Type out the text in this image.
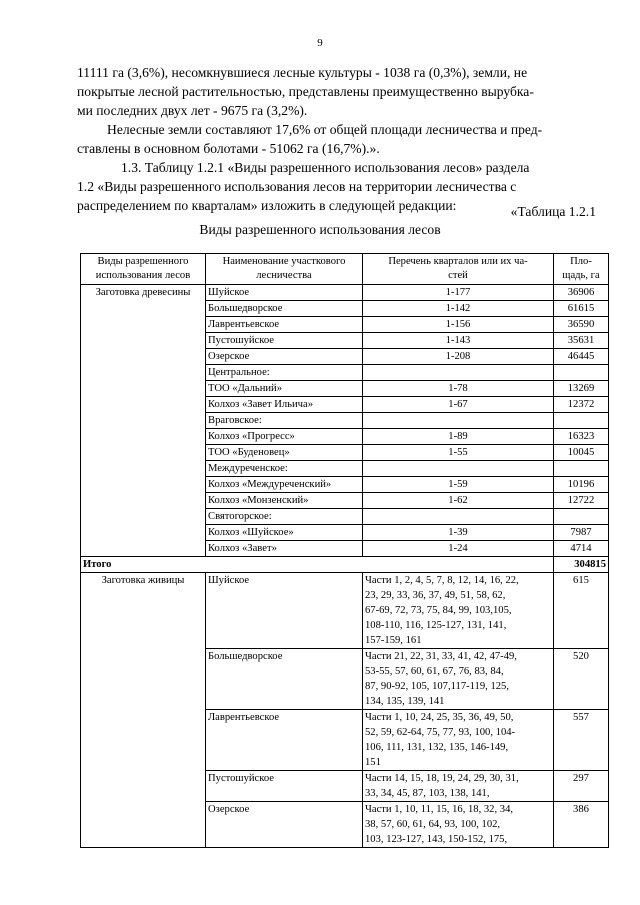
9

11111 га (3,6%), несомкнувшиеся лесные культуры - 1038 га (0,3%), земли, не
покрытые лесной растительностью, представлены преимущественно вырубка-
ми последних двух лет - 9675 га (3,2%).

Нелесные земли составляют 17,6% от общей площади лесничества и пред-
ставлены в основном болотами - 51062 га (16,7%).».

1.3. Таблицу 1.2.1 «Виды разрешенного использования лесов» раздела
1.2 «Виды разрешенного использования лесов на территории лесничества с
распределением по кварталам» изложить в следующей редакции:	«Таблица 1.2.1
Виды разрешенного использования лесов
Виды разрешенного
использования лесов	Наименование участкового
лесничества	Перечень кварталов или их ча-
стей	Пло-
щадь, га

Заготовка древесины	Шуйское	1-177	36906
	Большедворское	1-142	61615
	Лаврентьевское	1-156	36590
	Пустошуйское	1-143	35631
	Озерское	1-208	46445
	Центральное:		
	ТОО «Дальний»	1-78	13269
	Колхоз «Завет Ильича»	1-67	12372
	Враговское:		
	Колхоз «Прогресс»	1-89	16323
	ТОО «Буденовец»	1-55	10045
	Междуреченское:		
	Колхоз «Междуреченский»	1-59	10196
	Колхоз «Монзенский»	1-62	12722
	Святогорское:		
	Колхоз «Шуйское»	1-39	7987
	Колхоз «Завет»	1-24	4714
Итого			304815
Заготовка живицы	Шуйское	Части 1, 2, 4, 5, 7, 8, 12, 14, 16, 22,
23, 29, 33, 36, 37, 49, 51, 58, 62,
67-69, 72, 73, 75, 84, 99, 103,105,
108-110, 116, 125-127, 131, 141,
157-159, 161	615
	Большедворское	Части 21, 22, 31, 33, 41, 42, 47-49,
53-55, 57, 60, 61, 67, 76, 83, 84,
87, 90-92, 105, 107,117-119, 125,
134, 135, 139, 141	520
	Лаврентьевское	Части 1, 10, 24, 25, 35, 36, 49, 50,
52, 59, 62-64, 75, 77, 93, 100, 104-
106, 111, 131, 132, 135, 146-149,
151	557
	Пустошуйское	Части 14, 15, 18, 19, 24, 29, 30, 31,
33, 34, 45, 87, 103, 138, 141,	297
	Озерское	Части 1, 10, 11, 15, 16, 18, 32, 34,
38, 57, 60, 61, 64, 93, 100, 102,
103, 123-127, 143, 150-152, 175,	386
